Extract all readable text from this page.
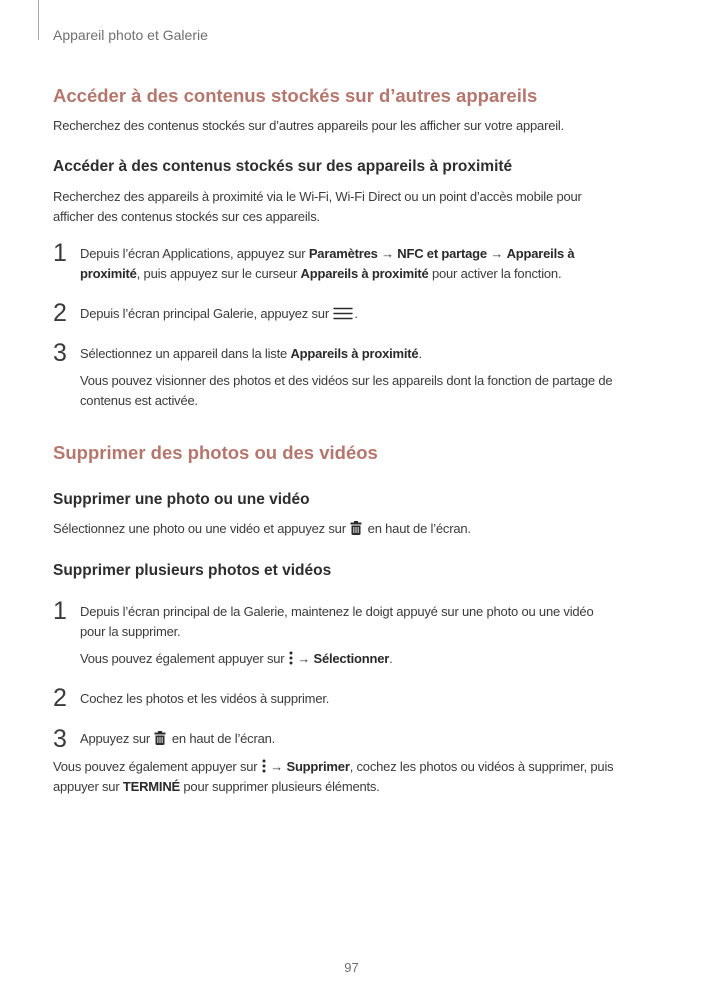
Appareil photo et Galerie
Accéder à des contenus stockés sur d’autres appareils
Recherchez des contenus stockés sur d’autres appareils pour les afficher sur votre appareil.
Accéder à des contenus stockés sur des appareils à proximité
Recherchez des appareils à proximité via le Wi-Fi, Wi-Fi Direct ou un point d’accès mobile pour
afficher des contenus stockés sur ces appareils.
1 Depuis l’écran Applications, appuyez sur Paramètres → NFC et partage → Appareils à
proximité, puis appuyez sur le curseur Appareils à proximité pour activer la fonction.
2 Depuis l’écran principal Galerie, appuyez sur
.
3 Sélectionnez un appareil dans la liste Appareils à proximité.
Vous pouvez visionner des photos et des vidéos sur les appareils dont la fonction de partage de
contenus est activée.
Supprimer des photos ou des vidéos
Supprimer une photo ou une vidéo
Sélectionnez une photo ou une vidéo et appuyez sur
en haut de l’écran.
Supprimer plusieurs photos et vidéos
1 Depuis l’écran principal de la Galerie, maintenez le doigt appuyé sur une photo ou une vidéo
pour la supprimer.
Vous pouvez également appuyer sur
→ Sélectionner.
2 Cochez les photos et les vidéos à supprimer.
3 Appuyez sur
en haut de l’écran.
Vous pouvez également appuyer sur
→ Supprimer, cochez les photos ou vidéos à supprimer, puis
appuyer sur TERMINÉ pour supprimer plusieurs éléments.
97
